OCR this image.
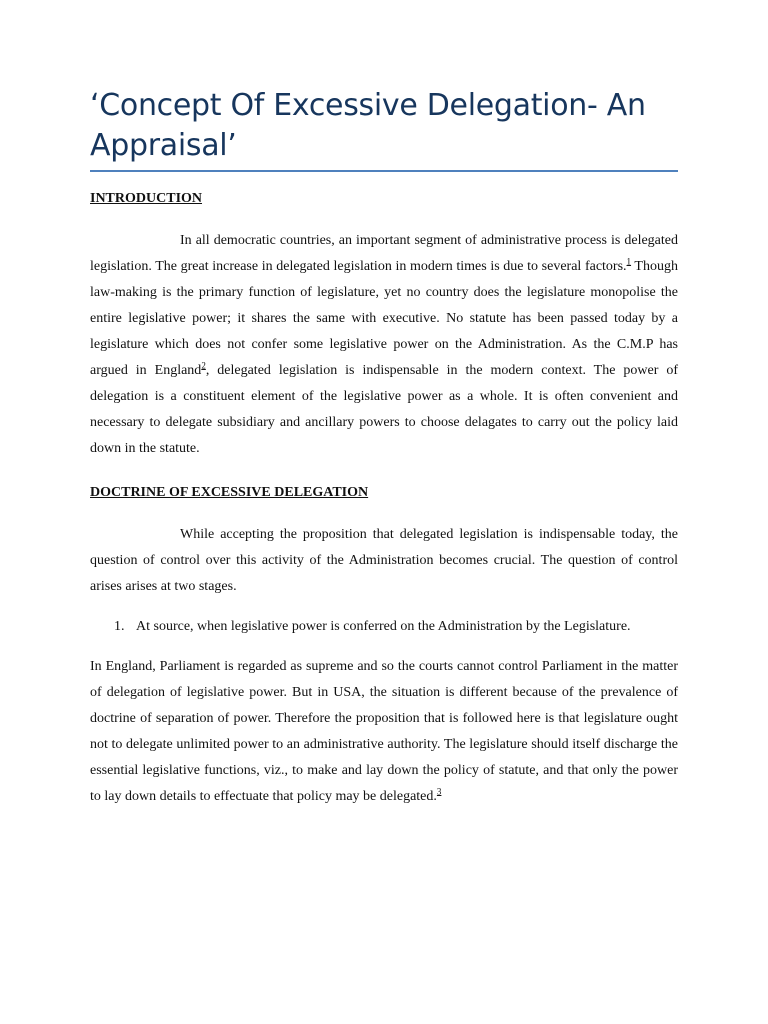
‘Concept Of Excessive Delegation- An Appraisal’
INTRODUCTION

In all democratic countries, an important segment of administrative process is delegated legislation. The great increase in delegated legislation in modern times is due to several factors.$^1$ Though law-making is the primary function of legislature, yet no country does the legislature monopolise the entire legislative power; it shares the same with executive. No statute has been passed today by a legislature which does not confer some legislative power on the Administration. As the C.M.P has argued in England$^2$, delegated legislation is indispensable in the modern context. The power of delegation is a constituent element of the legislative power as a whole. It is often convenient and necessary to delegate subsidiary and ancillary powers to choose delagates to carry out the policy laid down in the statute.

DOCTRINE OF EXCESSIVE DELEGATION

While accepting the proposition that delegated legislation is indispensable today, the question of control over this activity of the Administration becomes crucial. The question of control arises arises at two stages.

1. At source, when legislative power is conferred on the Administration by the Legislature.

In England, Parliament is regarded as supreme and so the courts cannot control Parliament in the matter of delegation of legislative power. But in USA, the situation is different because of the prevalence of doctrine of separation of power. Therefore the proposition that is followed here is that legislature ought not to delegate unlimited power to an administrative authority. The legislature should itself discharge the essential legislative functions, viz., to make and lay down the policy of statute, and that only the power to lay down details to effectuate that policy may be delegated.$^3$
